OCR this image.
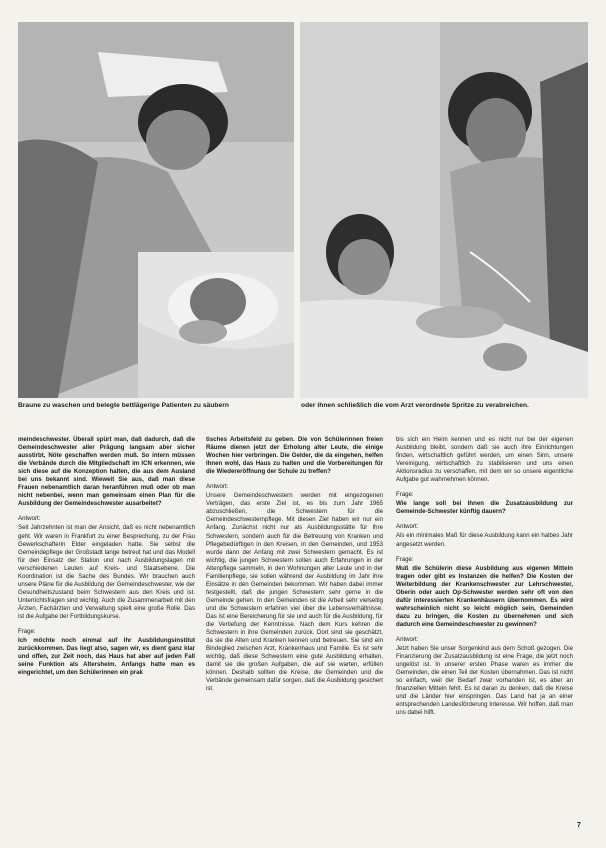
Braune zu waschen und belegte bettlägerige Patienten zu säubern	oder ihnen schließlich die vom Arzt verordnete Spritze zu verabreichen.

meindeschwester. Überall spürt man, daß dadurch, daß die Gemeindeschwester aller Prägung langsam aber sicher ausstirbt, Nöte geschaffen werden muß. So intern müssen die Verbände durch die Mitgliedschaft im ICN erkennen, wie sich diese auf die Konzeption halten, die aus dem Ausland bei uns bekannt sind. Wieweit Sie aus, daß man diese Frauen nebenamtlich daran heranführen muß oder ob man nicht nebenbei, wenn man gemeinsam einen Plan für die Ausbildung der Gemeindeschwester ausarbeitet?

Antwort:

Seit Jahrzehnten ist man der Ansicht, daß es nicht nebenamtlich geht. Wir waren in Frankfurt zu einer Besprechung, zu der Frau Gewerkschafterin Elder eingeladen hatte. Sie selbst die Gemeindepflege der Großstadt lange betreut hat und das Modell für den Einsatz der Station und nach Ausbildungslagen mit verschiedenen Leuten auf Kreis- und Staatsebene. Die Koordination ist die Sache des Bundes. Wir brauchen auch unsere Pläne für die Ausbildung der Gemeindeschwester, wie der Gesundheitszustand beim Schwestern aus den Kreis und ist. Unterrichtsfragen sind wichtig. Auch die Zusammenarbeit mit den Ärzten, Fachärzten und Verwaltung spielt eine große Rolle. Das ist die Aufgabe der Fortbildungskurse.

Frage:

Ich möchte noch einmal auf Ihr Ausbildungsinstitut zurückkommen. Das liegt also, sagen wir, es dient ganz klar und offen, zur Zeit noch, das Haus hat aber auf jeden Fall seine Funktion als Altersheim. Anfangs hatte man es eingerichtet, um den Schülerinnen ein prak

tisches Arbeitsfeld zu geben. Die von Schülerinnen freien Räume dienen jetzt der Erholung alter Leute, die einige Wochen hier verbringen. Die Gelder, die da eingehen, helfen Ihnen wohl, das Haus zu halten und die Vorbereitungen für die Wiedereröffnung der Schule zu treffen?

Antwort:

Unsere Gemeindeschwestern werden mit eingezogenen Verträgen, das erste Ziel ist, es bis zum Jahr 1965 abzuschließen, die Schwestern für die Gemeindeschwesternpflege. Mit diesen Ziel haben wir nur ein Anfang. Zunächst nicht nur als Ausbildungsstätte für Ihre Schwestern, sondern auch für die Betreuung von Kranken und Pflegebedürftigen in den Kreisen, in den Gemeinden, und 1953 wurde dann der Anfang mit zwei Schwestern gemacht. Es ist wichtig, die jungen Schwestern sollen auch Erfahrungen in der Altenpflege sammeln, in den Wohnungen alter Leute und in der Familienpflege, sie sollen während der Ausbildung im Jahr ihre Einsätze in den Gemeinden bekommen. Wir haben dabei immer festgestellt, daß die jungen Schwestern sehr gerne in die Gemeinde gehen. In den Gemeinden ist die Arbeit sehr vielseitig und die Schwestern erfahren viel über die Lebensverhältnisse. Das ist eine Bereicherung für sie und auch für die Ausbildung, für die Vertiefung der Kenntnisse. Nach dem Kurs kehren die Schwestern in ihre Gemeinden zurück. Dort sind sie geschätzt, da sie die Alten und Kranken kennen und betreuen. Sie sind ein Bindeglied zwischen Arzt, Krankenhaus und Familie. Es ist sehr wichtig, daß diese Schwestern eine gute Ausbildung erhalten, damit sie die großen Aufgaben, die auf sie warten, erfüllen können. Deshalb sollten die Kreise, die Gemeinden und die Verbände gemeinsam dafür sorgen, daß die Ausbildung gesichert ist.

bis sich ein Heim kennen und es nicht nur bei der eigenen Ausbildung bleibt, sondern daß sie auch ihre Einrichtungen finden, wirtschaftlich geführt werden, um einen Sinn, unsere Vereinigung, wirtschaftlich zu stabilisieren und uns einen Aktionsradius zu verschaffen, mit dem wir so unsere eigentliche Aufgabe gut wahrnehmen können.

Frage:

Wie lange soll bei Ihnen die Zusatzausbildung zur Gemeinde-Schwester künftig dauern?

Antwort:

Als ein minimales Maß für diese Ausbildung kann ein halbes Jahr angesetzt werden.

Frage:

Muß die Schülerin diese Ausbildung aus eigenen Mitteln tragen oder gibt es Instanzen die helfen? Die Kosten der Weiterbildung der Krankenschwester zur Lehrschwester, Oberin oder auch Op-Schwester werden sehr oft von den dafür interessierten Krankenhäusern übernommen. Es wird wahrscheinlich nicht so leicht möglich sein, Gemeinden dazu zu bringen, die Kosten zu übernehmen und sich dadurch eine Gemeindeschwester zu gewinnen?

Antwort:

Jetzt haben Sie unser Sorgenkind aus dem Schoß gezogen. Die Finanzierung der Zusatzausbildung ist eine Frage, die jetzt noch ungelöst ist. In unserer ersten Phase waren es immer die Gemeinden, die einen Teil der Kosten übernahmen. Das ist nicht so einfach, weil der Bedarf zwar vorhanden ist, es aber an finanziellen Mitteln fehlt. Es ist daran zu denken, daß die Kreise und die Länder hier einspringen. Das Land hat ja an einer entsprechenden Landesförderung Interesse. Wir hoffen, daß man uns dabei hilft.

7
